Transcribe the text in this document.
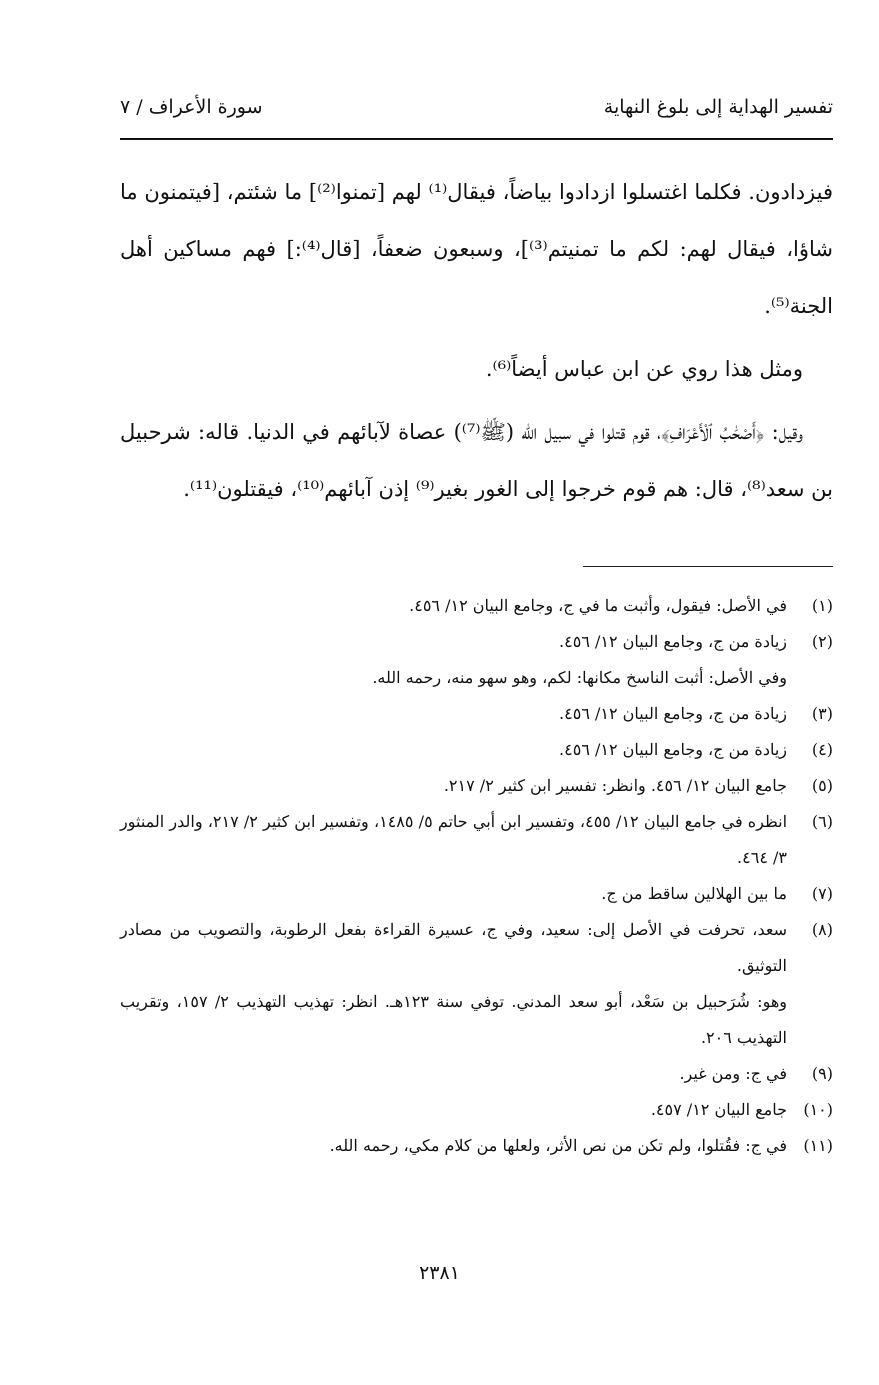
تفسير الهداية إلى بلوغ النهاية
سورة الأعراف / ٧

فيزدادون. فكلما اغتسلوا ازدادوا بياضاً، فيقال⁽¹⁾ لهم [تمنوا⁽²⁾] ما شئتم، [فيتمنون ما شاؤا، فيقال لهم: لكم ما تمنيتم⁽³⁾]، وسبعون ضعفاً، [قال⁽⁴⁾:] فهم مساكين أهل الجنة⁽⁵⁾.

ومثل هذا روي عن ابن عباس أيضاً⁽⁶⁾.

وقيل: ﴿أَصْحَٰبُ ٱلْأَعْرَافِ﴾، قوم قتلوا في سبيل الله (ﷺ⁽⁷⁾) عصاة لآبائهم في الدنيا. قاله: شرحبيل بن سعد⁽⁸⁾، قال: هم قوم خرجوا إلى الغور بغير⁽⁹⁾ إذن آبائهم⁽¹⁰⁾، فيقتلون⁽¹¹⁾.

(١)
في الأصل: فيقول، وأثبت ما في ج، وجامع البيان ١٢/ ٤٥٦.
(٢)
زيادة من ج، وجامع البيان ١٢/ ٤٥٦.
وفي الأصل: أثبت الناسخ مكانها: لكم، وهو سهو منه، رحمه الله.
(٣)
زيادة من ج، وجامع البيان ١٢/ ٤٥٦.
(٤)
زيادة من ج، وجامع البيان ١٢/ ٤٥٦.
(٥)
جامع البيان ١٢/ ٤٥٦. وانظر: تفسير ابن كثير ٢/ ٢١٧.
(٦)
انظره في جامع البيان ١٢/ ٤٥٥، وتفسير ابن أبي حاتم ٥/ ١٤٨٥، وتفسير ابن كثير ٢/ ٢١٧، والدر المنثور ٣/ ٤٦٤.
(٧)
ما بين الهلالين ساقط من ج.
(٨)
سعد، تحرفت في الأصل إلى: سعيد، وفي ج، عسيرة القراءة بفعل الرطوبة، والتصويب من مصادر التوثيق.
وهو: شُرَحبيل بن سَعْد، أبو سعد المدني. توفي سنة ١٢٣هـ. انظر: تهذيب التهذيب ٢/ ١٥٧، وتقريب التهذيب ٢٠٦.
(٩)
في ج: ومن غير.
(١٠)
جامع البيان ١٢/ ٤٥٧.
(١١)
في ج: فقُتلوا، ولم تكن من نص الأثر، ولعلها من كلام مكي، رحمه الله.
٢٣٨١
